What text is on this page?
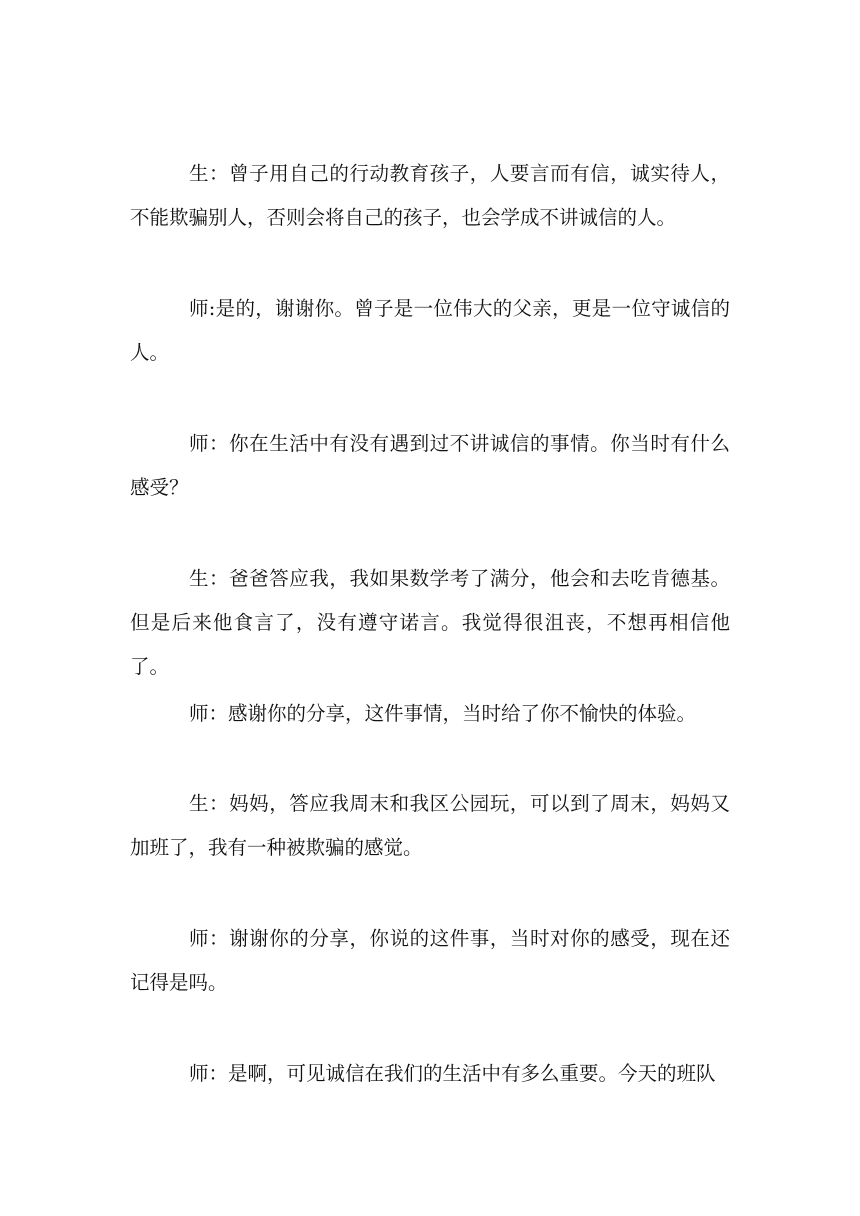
生：曾子用自己的行动教育孩子，人要言而有信，诚实待人，不能欺骗别人，否则会将自己的孩子，也会学成不讲诚信的人。

师:是的，谢谢你。曾子是一位伟大的父亲，更是一位守诚信的人。

师：你在生活中有没有遇到过不讲诚信的事情。你当时有什么感受？

生：爸爸答应我，我如果数学考了满分，他会和去吃肯德基。但是后来他食言了，没有遵守诺言。我觉得很沮丧，不想再相信他了。

师：感谢你的分享，这件事情，当时给了你不愉快的体验。

生：妈妈，答应我周末和我区公园玩，可以到了周末，妈妈又加班了，我有一种被欺骗的感觉。

师：谢谢你的分享，你说的这件事，当时对你的感受，现在还记得是吗。

师：是啊，可见诚信在我们的生活中有多么重要。今天的班队
